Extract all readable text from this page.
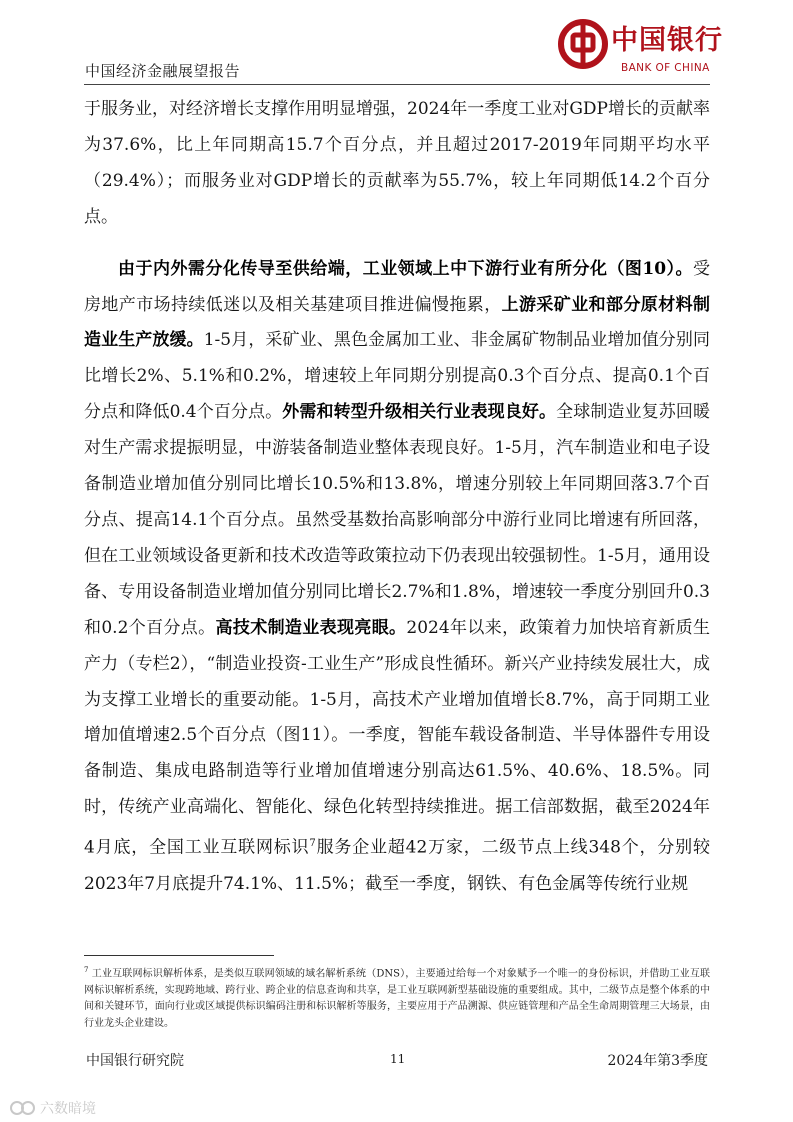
中国经济金融展望报告
中国银行
BANK OF CHINA

于服务业，对经济增长支撑作用明显增强，2024年一季度工业对GDP增长的贡献率为37.6%，比上年同期高15.7个百分点，并且超过2017-2019年同期平均水平（29.4%）；而服务业对GDP增长的贡献率为55.7%，较上年同期低14.2个百分点。

由于内外需分化传导至供给端，工业领域上中下游行业有所分化（图10）。受房地产市场持续低迷以及相关基建项目推进偏慢拖累，上游采矿业和部分原材料制造业生产放缓。1-5月，采矿业、黑色金属加工业、非金属矿物制品业增加值分别同比增长2%、5.1%和0.2%，增速较上年同期分别提高0.3个百分点、提高0.1个百分点和降低0.4个百分点。外需和转型升级相关行业表现良好。全球制造业复苏回暖对生产需求提振明显，中游装备制造业整体表现良好。1-5月，汽车制造业和电子设备制造业增加值分别同比增长10.5%和13.8%，增速分别较上年同期回落3.7个百分点、提高14.1个百分点。虽然受基数抬高影响部分中游行业同比增速有所回落，但在工业领域设备更新和技术改造等政策拉动下仍表现出较强韧性。1-5月，通用设备、专用设备制造业增加值分别同比增长2.7%和1.8%，增速较一季度分别回升0.3和0.2个百分点。高技术制造业表现亮眼。2024年以来，政策着力加快培育新质生产力（专栏2），“制造业投资-工业生产”形成良性循环。新兴产业持续发展壮大，成为支撑工业增长的重要动能。1-5月，高技术产业增加值增长8.7%，高于同期工业增加值增速2.5个百分点（图11）。一季度，智能车载设备制造、半导体器件专用设备制造、集成电路制造等行业增加值增速分别高达61.5%、40.6%、18.5%。同时，传统产业高端化、智能化、绿色化转型持续推进。据工信部数据，截至2024年4月底，全国工业互联网标识$^7$服务企业超42万家，二级节点上线348个，分别较2023年7月底提升74.1%、11.5%；截至一季度，钢铁、有色金属等传统行业规

$^7$ 工业互联网标识解析体系，是类似互联网领域的域名解析系统（DNS），主要通过给每一个对象赋予一个唯一的身份标识，并借助工业互联网标识解析系统，实现跨地域、跨行业、跨企业的信息查询和共享，是工业互联网新型基础设施的重要组成。其中，二级节点是整个体系的中间和关键环节，面向行业或区域提供标识编码注册和标识解析等服务，主要应用于产品溯源、供应链管理和产品全生命周期管理三大场景，由行业龙头企业建设。
中国银行研究院	11	2024年第3季度
六数暗境
